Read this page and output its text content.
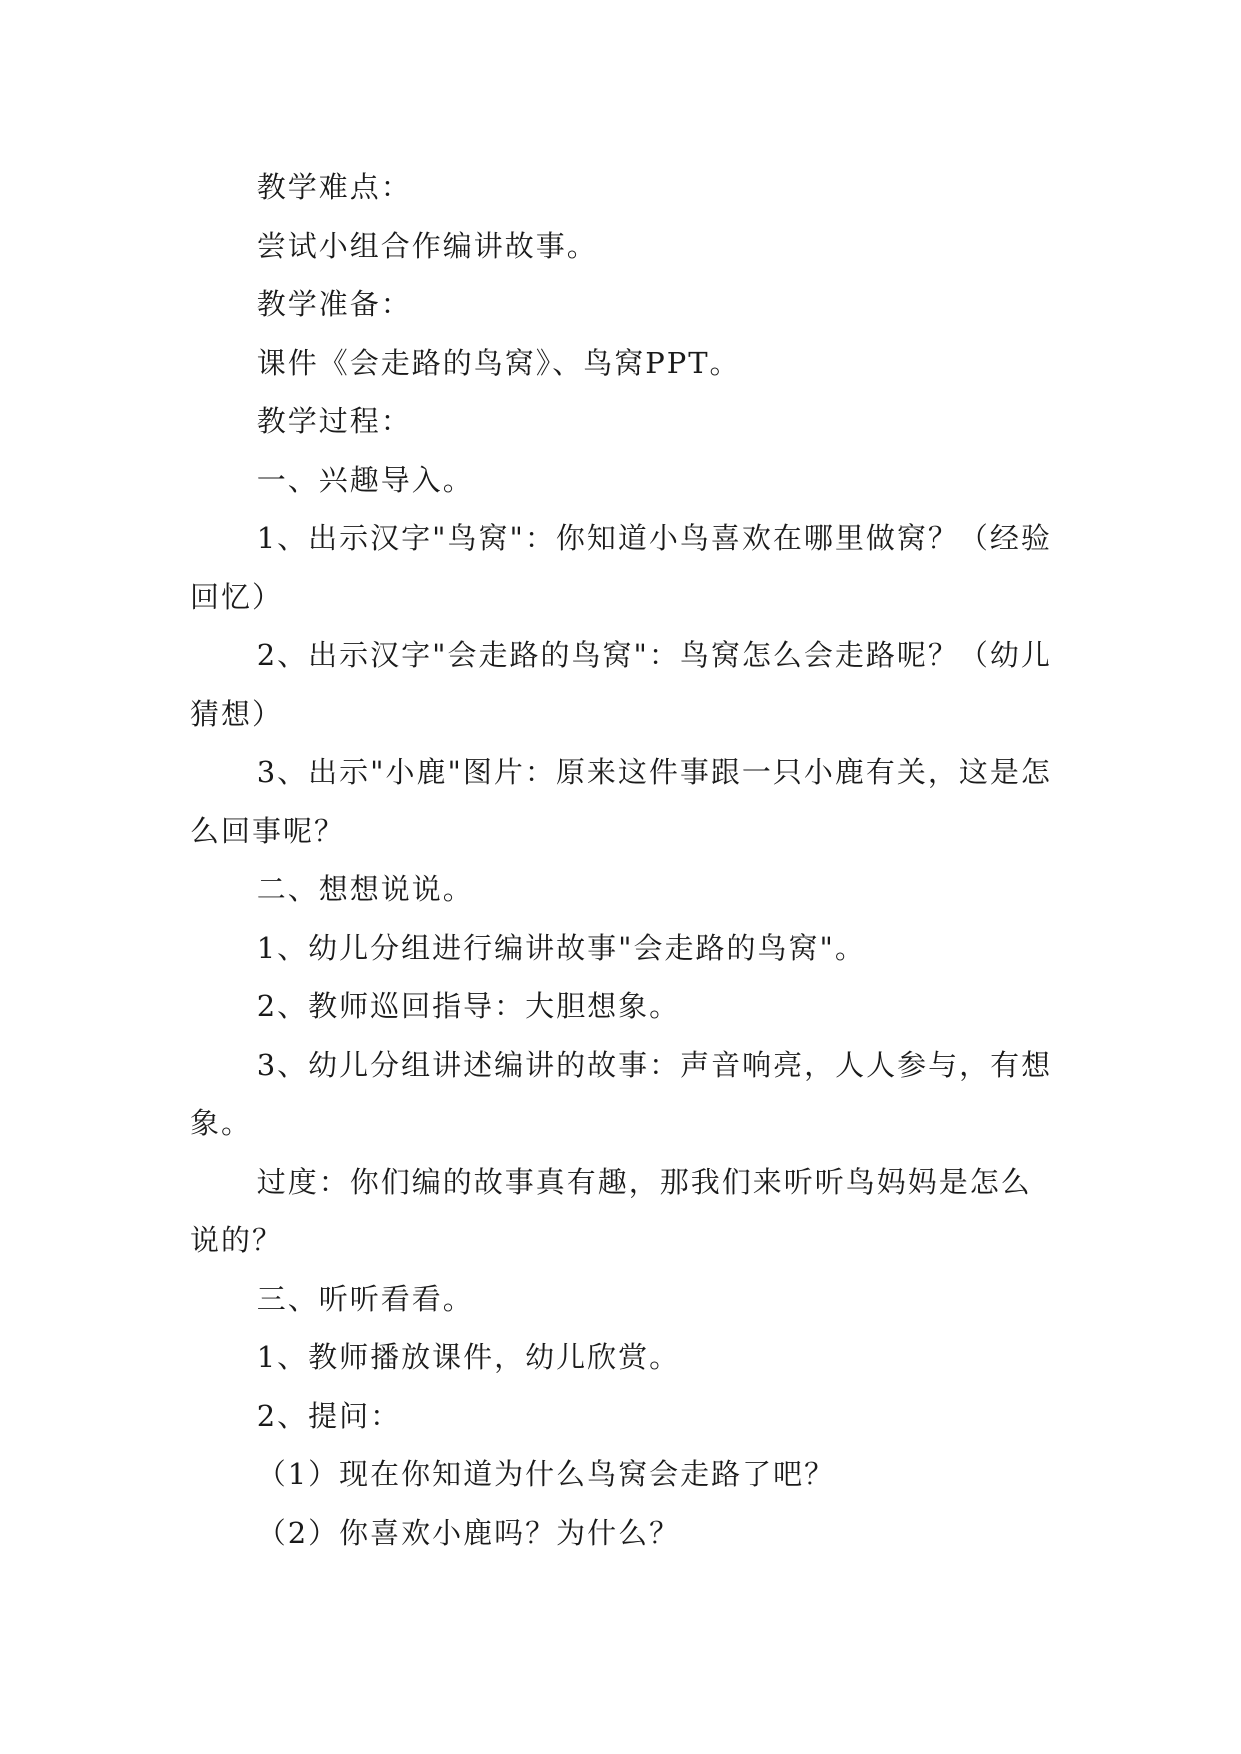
教学难点：

尝试小组合作编讲故事。

教学准备：

课件《会走路的鸟窝》、鸟窝PPT。

教学过程：

一、兴趣导入。

1、出示汉字"鸟窝"：你知道小鸟喜欢在哪里做窝？（经验回忆）

2、出示汉字"会走路的鸟窝"：鸟窝怎么会走路呢？（幼儿猜想）

3、出示"小鹿"图片：原来这件事跟一只小鹿有关，这是怎么回事呢？

二、想想说说。

1、幼儿分组进行编讲故事"会走路的鸟窝"。

2、教师巡回指导：大胆想象。

3、幼儿分组讲述编讲的故事：声音响亮，人人参与，有想象。

过度：你们编的故事真有趣，那我们来听听鸟妈妈是怎么说的？

三、听听看看。

1、教师播放课件，幼儿欣赏。

2、提问：

（1）现在你知道为什么鸟窝会走路了吧？

（2）你喜欢小鹿吗？为什么？
